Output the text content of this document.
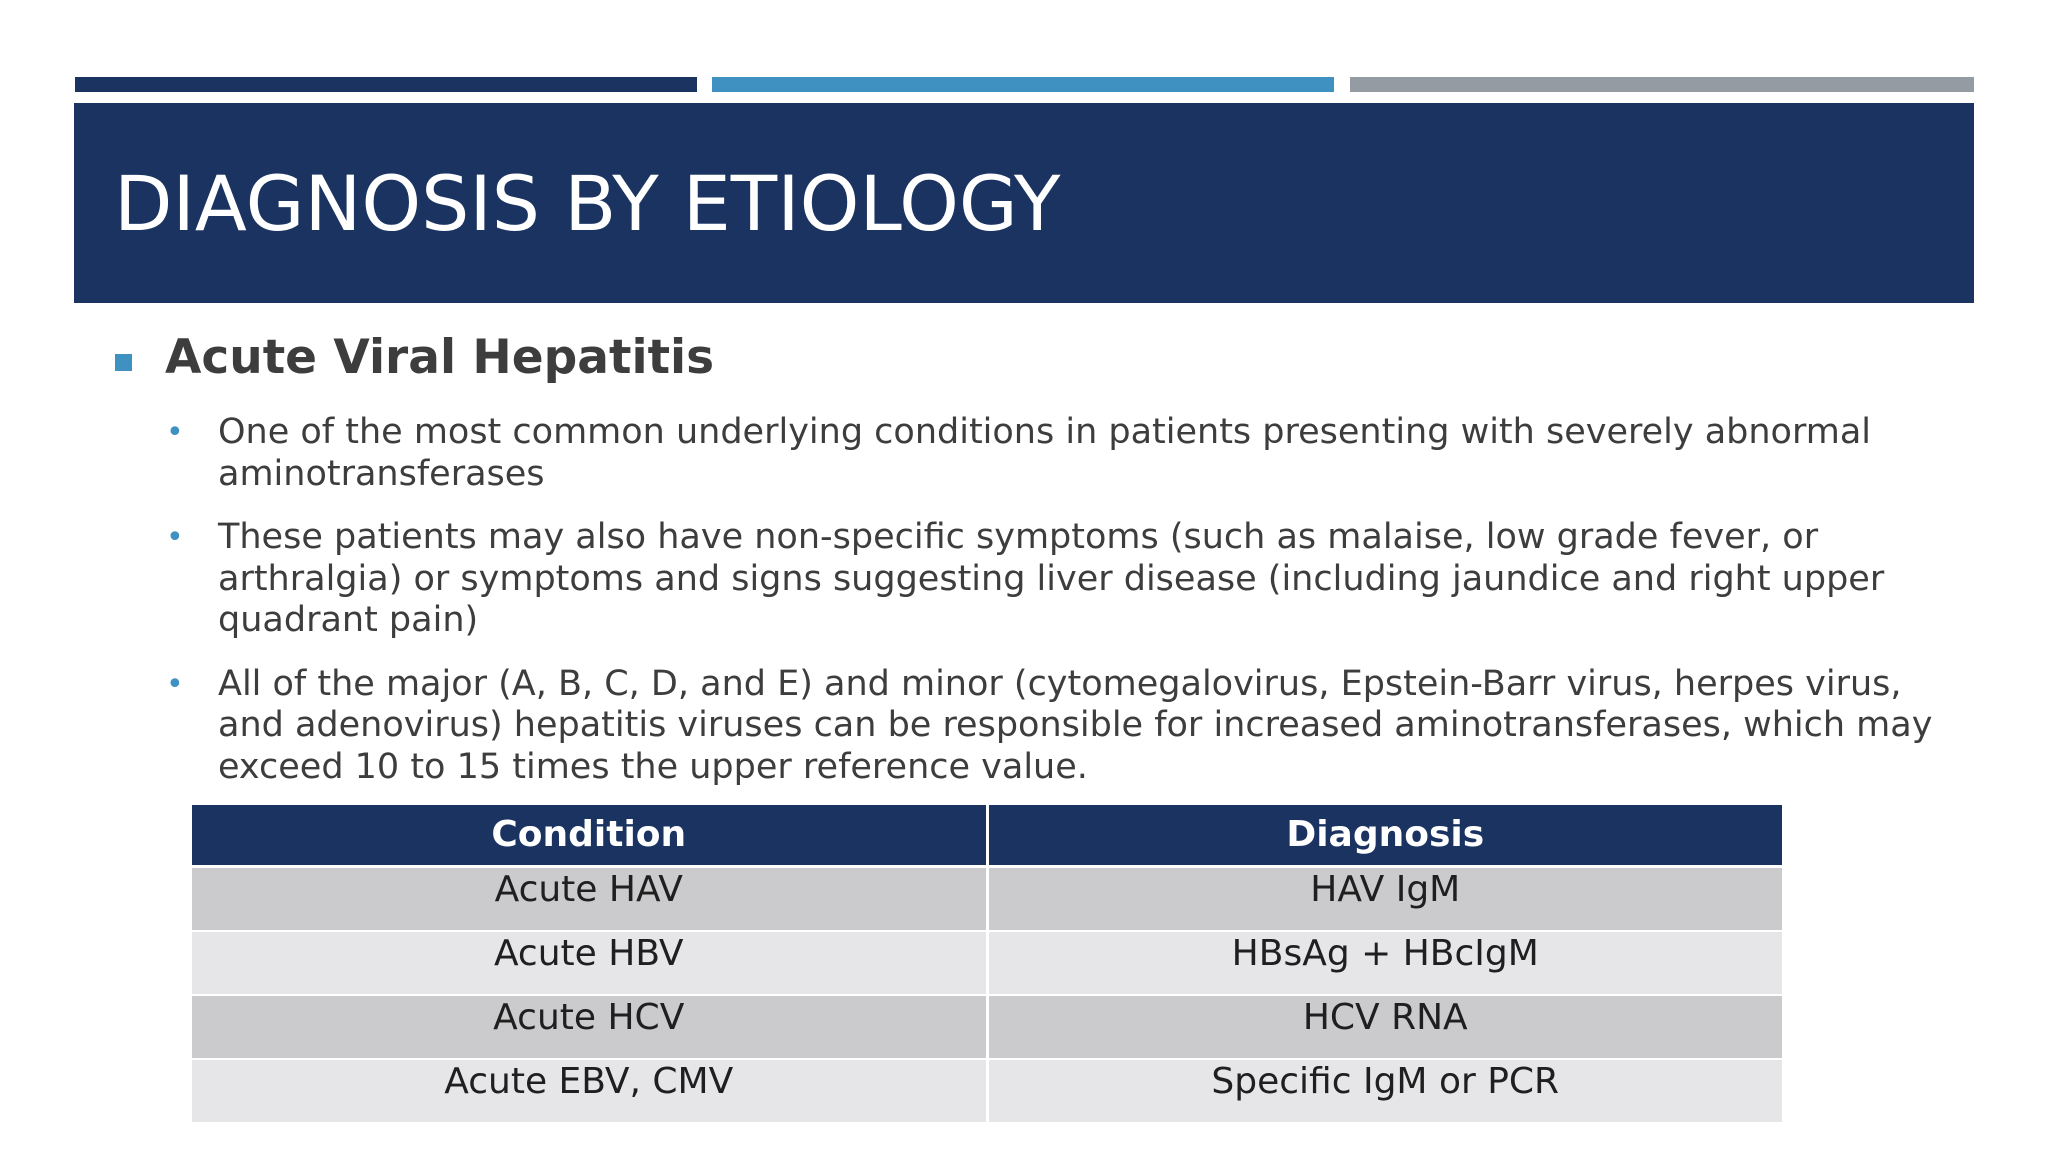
DIAGNOSIS BY ETIOLOGY
Acute Viral Hepatitis
• One of the most common underlying conditions in patients presenting with severely abnormal aminotransferases
• These patients may also have non-specific symptoms (such as malaise, low grade fever, or arthralgia) or symptoms and signs suggesting liver disease (including jaundice and right upper quadrant pain)
• All of the major (A, B, C, D, and E) and minor (cytomegalovirus, Epstein-Barr virus, herpes virus, and adenovirus) hepatitis viruses can be responsible for increased aminotransferases, which may exceed 10 to 15 times the upper reference value.
Condition	Diagnosis
Acute HAV	HAV IgM
Acute HBV	HBsAg + HBcIgM
Acute HCV	HCV RNA
Acute EBV, CMV	Specific IgM or PCR
